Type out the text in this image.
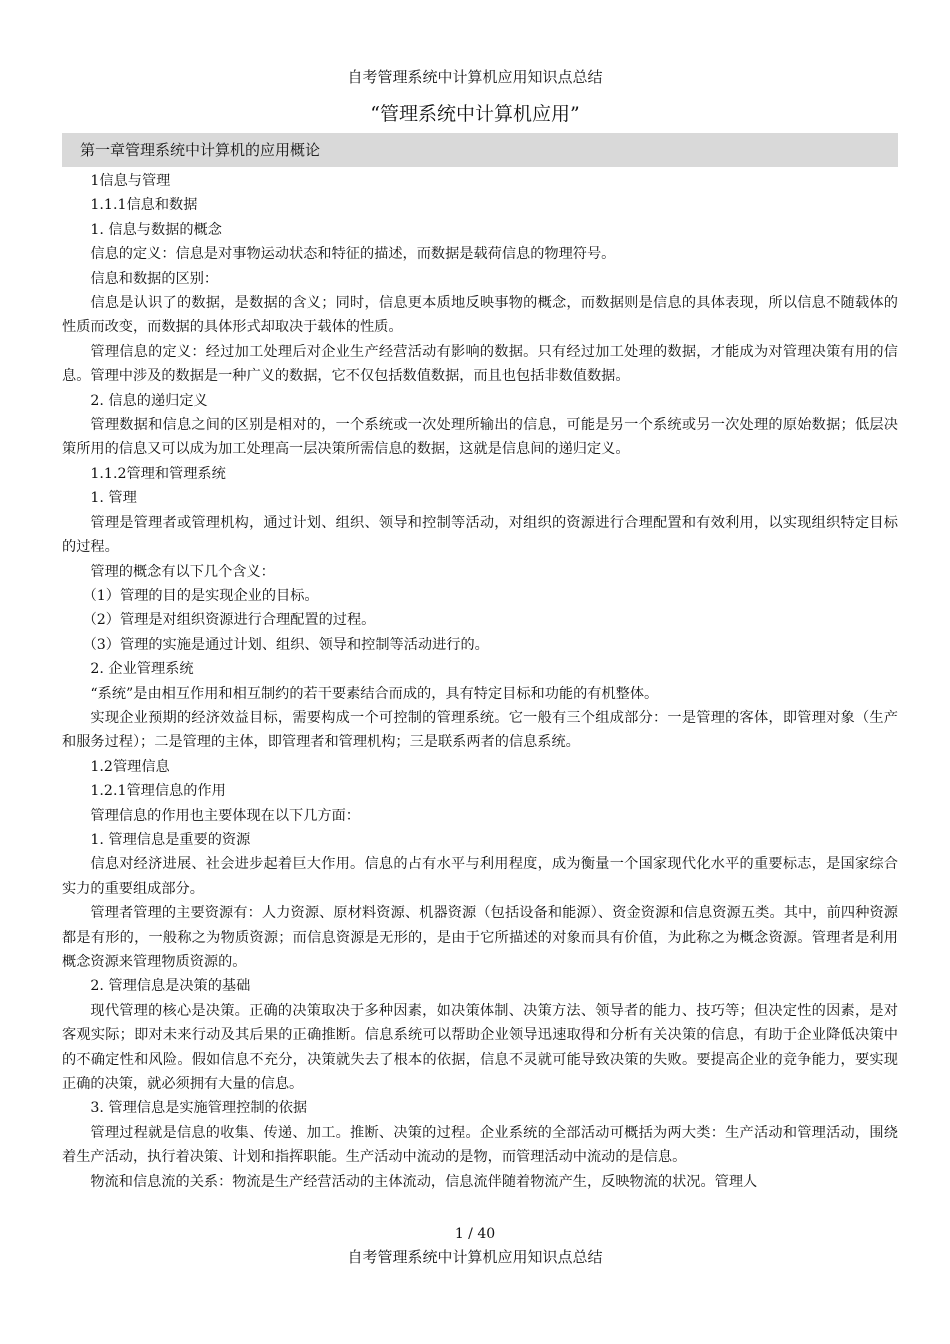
自考管理系统中计算机应用知识点总结
“管理系统中计算机应用”
第一章管理系统中计算机的应用概论

1信息与管理

1.1.1信息和数据

1. 信息与数据的概念

信息的定义：信息是对事物运动状态和特征的描述，而数据是载荷信息的物理符号。

信息和数据的区别：

信息是认识了的数据，是数据的含义；同时，信息更本质地反映事物的概念，而数据则是信息的具体表现，所以信息不随载体的性质而改变，而数据的具体形式却取决于载体的性质。

管理信息的定义：经过加工处理后对企业生产经营活动有影响的数据。只有经过加工处理的数据，才能成为对管理决策有用的信息。管理中涉及的数据是一种广义的数据，它不仅包括数值数据，而且也包括非数值数据。

2. 信息的递归定义

管理数据和信息之间的区别是相对的，一个系统或一次处理所输出的信息，可能是另一个系统或另一次处理的原始数据；低层决策所用的信息又可以成为加工处理高一层决策所需信息的数据，这就是信息间的递归定义。

1.1.2管理和管理系统

1. 管理

管理是管理者或管理机构，通过计划、组织、领导和控制等活动，对组织的资源进行合理配置和有效利用，以实现组织特定目标的过程。

管理的概念有以下几个含义：

（1）管理的目的是实现企业的目标。

（2）管理是对组织资源进行合理配置的过程。

（3）管理的实施是通过计划、组织、领导和控制等活动进行的。

2. 企业管理系统

“系统”是由相互作用和相互制约的若干要素结合而成的，具有特定目标和功能的有机整体。

实现企业预期的经济效益目标，需要构成一个可控制的管理系统。它一般有三个组成部分：一是管理的客体，即管理对象（生产和服务过程）；二是管理的主体，即管理者和管理机构；三是联系两者的信息系统。

1.2管理信息

1.2.1管理信息的作用

管理信息的作用也主要体现在以下几方面：

1. 管理信息是重要的资源

信息对经济进展、社会进步起着巨大作用。信息的占有水平与利用程度，成为衡量一个国家现代化水平的重要标志，是国家综合实力的重要组成部分。

管理者管理的主要资源有：人力资源、原材料资源、机器资源（包括设备和能源）、资金资源和信息资源五类。其中，前四种资源都是有形的，一般称之为物质资源；而信息资源是无形的，是由于它所描述的对象而具有价值，为此称之为概念资源。管理者是利用概念资源来管理物质资源的。

2. 管理信息是决策的基础

现代管理的核心是决策。正确的决策取决于多种因素，如决策体制、决策方法、领导者的能力、技巧等；但决定性的因素，是对客观实际；即对未来行动及其后果的正确推断。信息系统可以帮助企业领导迅速取得和分析有关决策的信息，有助于企业降低决策中的不确定性和风险。假如信息不充分，决策就失去了根本的依据，信息不灵就可能导致决策的失败。要提高企业的竞争能力，要实现正确的决策，就必须拥有大量的信息。

3. 管理信息是实施管理控制的依据

管理过程就是信息的收集、传递、加工。推断、决策的过程。企业系统的全部活动可概括为两大类：生产活动和管理活动，围绕着生产活动，执行着决策、计划和指挥职能。生产活动中流动的是物，而管理活动中流动的是信息。

物流和信息流的关系：物流是生产经营活动的主体流动，信息流伴随着物流产生，反映物流的状况。管理人

1 / 40
自考管理系统中计算机应用知识点总结
